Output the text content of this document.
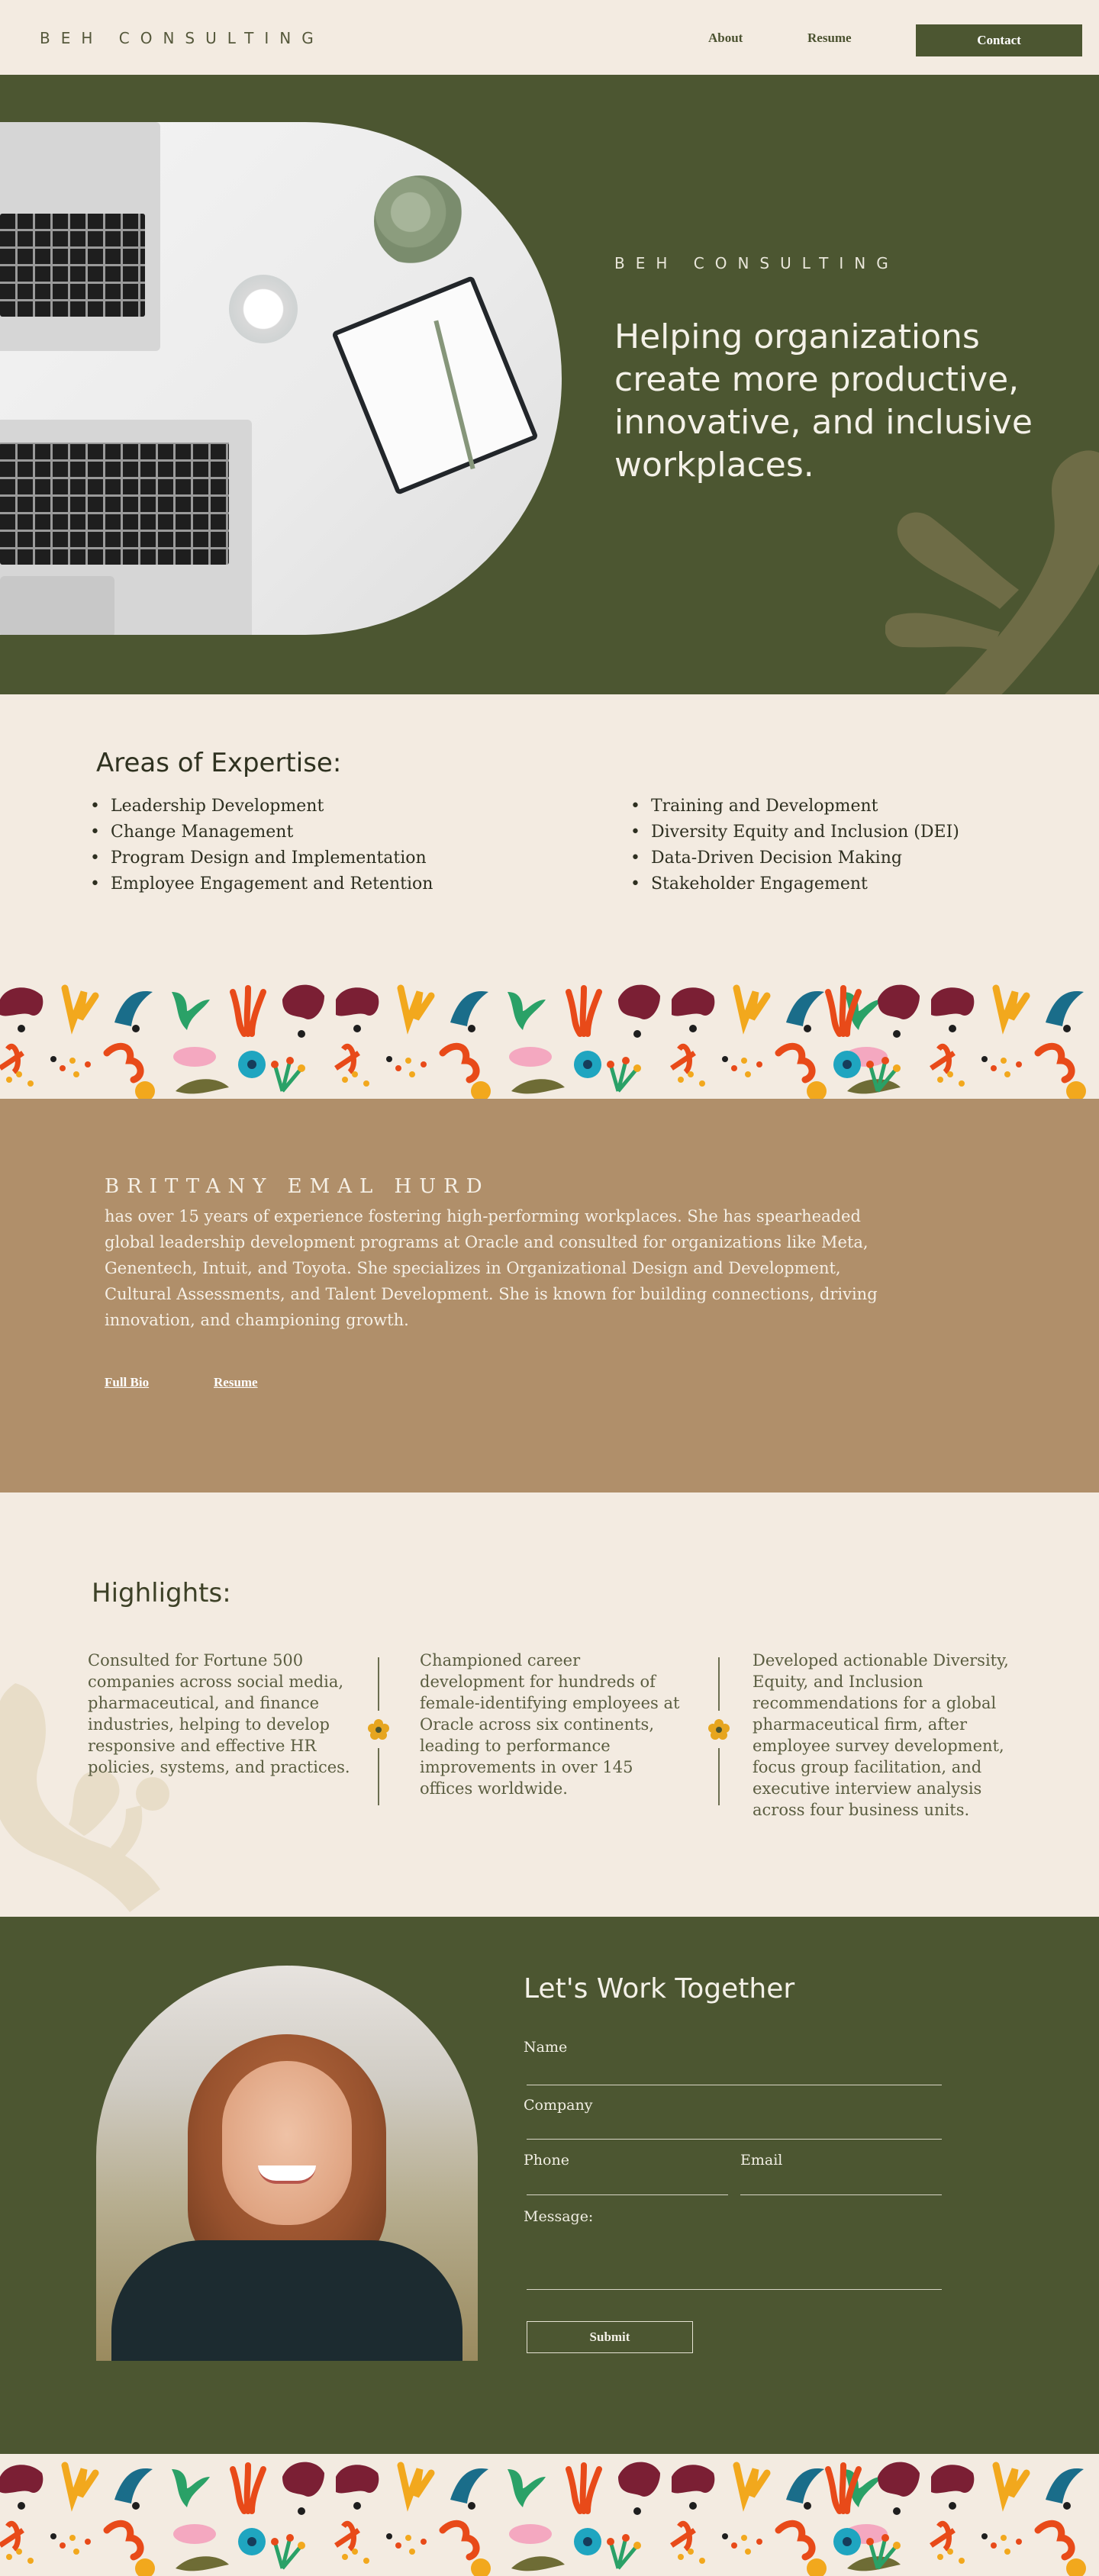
BEH CONSULTING	About	Resume	Contact
BEH CONSULTING
Helping organizations create more productive, innovative, and inclusive workplaces.
Areas of Expertise:
• Leadership Development
• Change Management
• Program Design and Implementation
• Employee Engagement and Retention
• Training and Development
• Diversity Equity and Inclusion (DEI)
• Data-Driven Decision Making
• Stakeholder Engagement
BRITTANY EMAL HURD

has over 15 years of experience fostering high-performing workplaces. She has spearheaded global leadership development programs at Oracle and consulted for organizations like Meta, Genentech, Intuit, and Toyota. She specializes in Organizational Design and Development, Cultural Assessments, and Talent Development. She is known for building connections, driving innovation, and championing growth.

Full Bio	Resume
Highlights:

Consulted for Fortune 500 companies across social media, pharmaceutical, and finance industries, helping to develop responsive and effective HR policies, systems, and practices.

Championed career development for hundreds of female-identifying employees at Oracle across six continents, leading to performance improvements in over 145 offices worldwide.

Developed actionable Diversity, Equity, and Inclusion recommendations for a global pharmaceutical firm, after employee survey development, focus group facilitation, and executive interview analysis across four business units.

Let's Work Together
Name
Company
Phone	Email
Message:
Submit
